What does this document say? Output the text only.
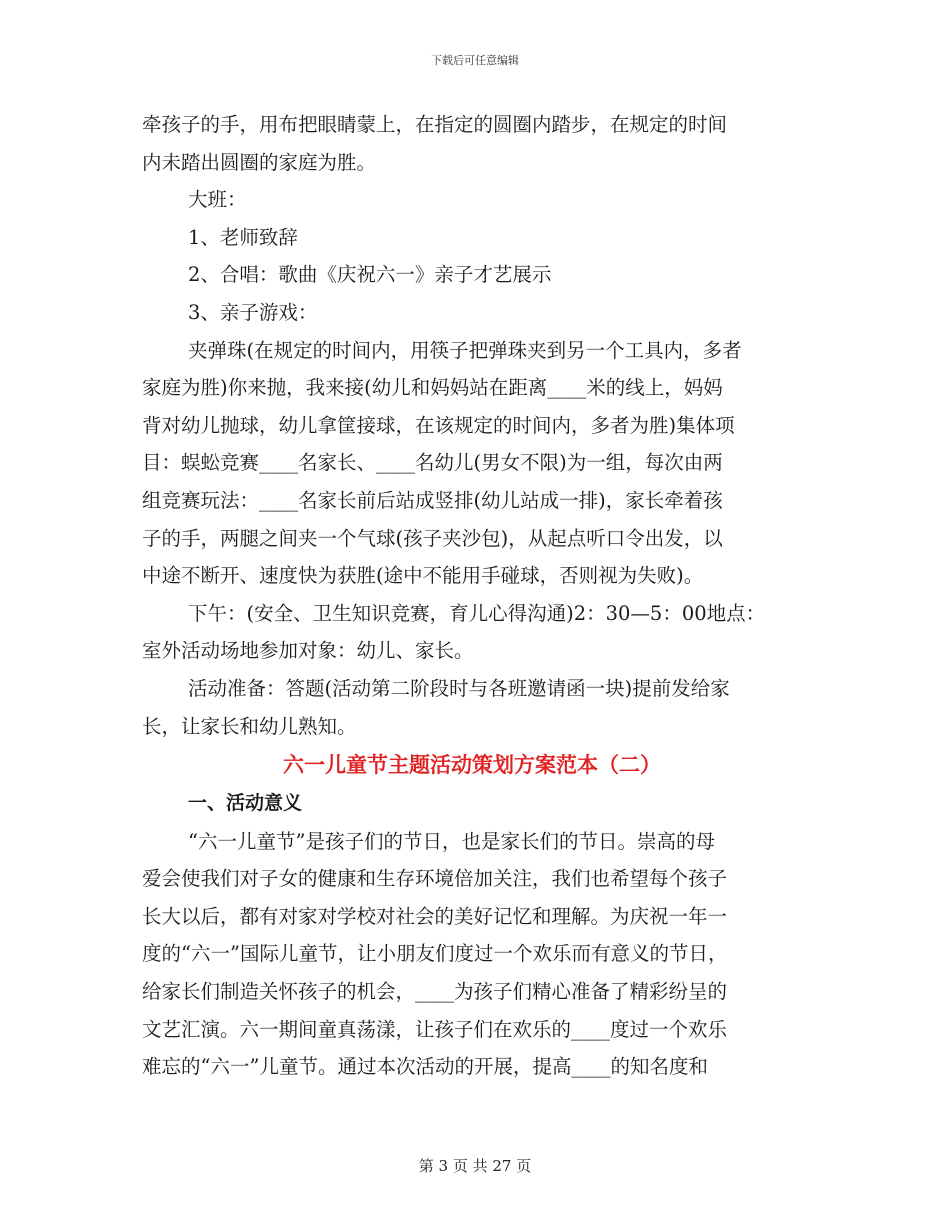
下载后可任意编辑
牵孩子的手，用布把眼睛蒙上，在指定的圆圈内踏步，在规定的时间
内未踏出圆圈的家庭为胜。
大班：
1、老师致辞
2、合唱：歌曲《庆祝六一》亲子才艺展示
3、亲子游戏：
夹弹珠(在规定的时间内，用筷子把弹珠夹到另一个工具内，多者
家庭为胜)你来抛，我来接(幼儿和妈妈站在距离____米的线上，妈妈
背对幼儿抛球，幼儿拿筐接球，在该规定的时间内，多者为胜)集体项
目：蜈蚣竞赛____名家长、____名幼儿(男女不限)为一组，每次由两
组竞赛玩法：____名家长前后站成竖排(幼儿站成一排)，家长牵着孩
子的手，两腿之间夹一个气球(孩子夹沙包)，从起点听口令出发，以
中途不断开、速度快为获胜(途中不能用手碰球，否则视为失败)。
下午：(安全、卫生知识竞赛，育儿心得沟通)2：30—5：00地点：
室外活动场地参加对象：幼儿、家长。
活动准备：答题(活动第二阶段时与各班邀请函一块)提前发给家
长，让家长和幼儿熟知。
六一儿童节主题活动策划方案范本（二）
一、活动意义
“六一儿童节”是孩子们的节日，也是家长们的节日。崇高的母
爱会使我们对子女的健康和生存环境倍加关注，我们也希望每个孩子
长大以后，都有对家对学校对社会的美好记忆和理解。为庆祝一年一
度的“六一”国际儿童节，让小朋友们度过一个欢乐而有意义的节日，
给家长们制造关怀孩子的机会，____为孩子们精心准备了精彩纷呈的
文艺汇演。六一期间童真荡漾，让孩子们在欢乐的____度过一个欢乐
难忘的“六一”儿童节。通过本次活动的开展，提高____的知名度和
第 3 页 共 27 页
